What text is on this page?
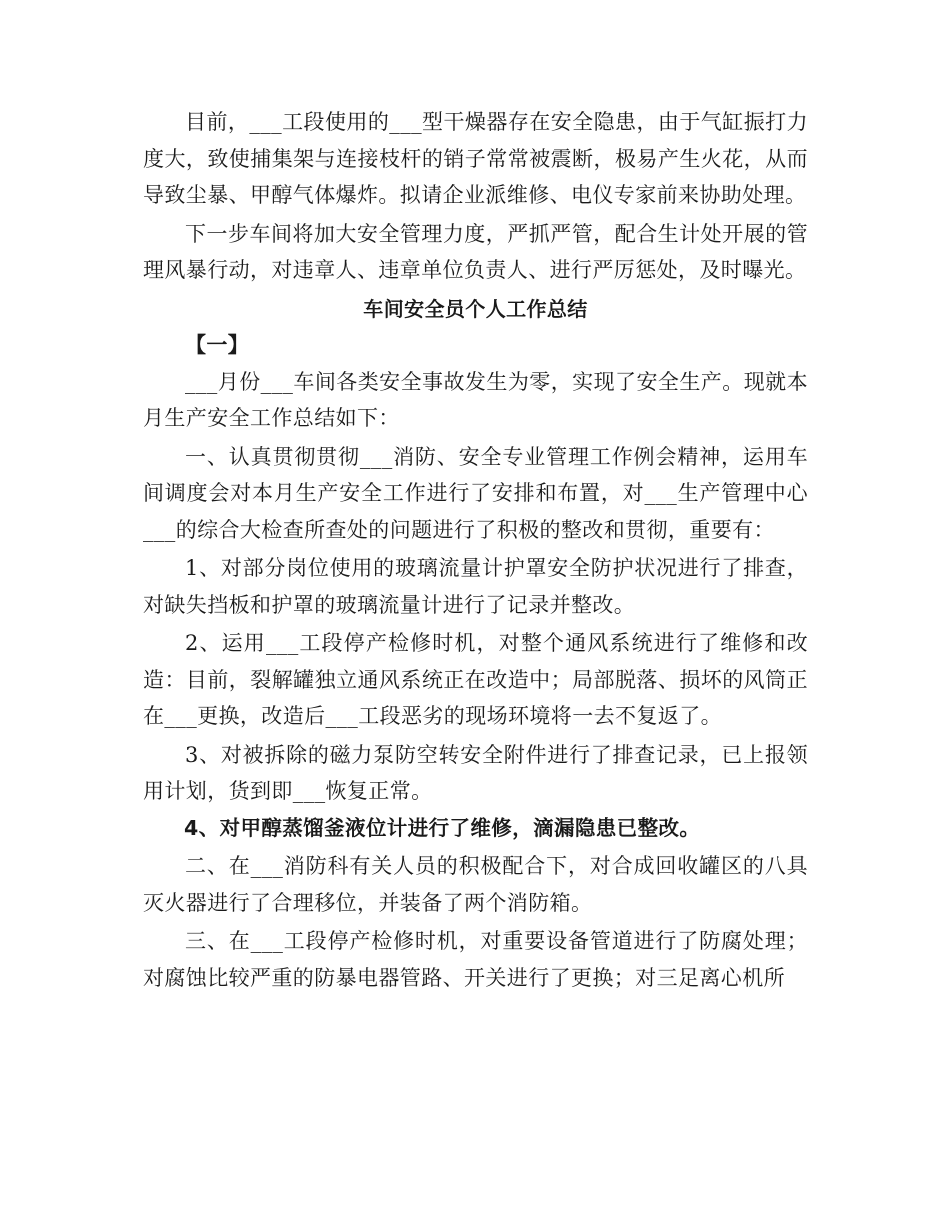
目前，___工段使用的___型干燥器存在安全隐患，由于气缸振打力度大，致使捕集架与连接枝杆的销子常常被震断，极易产生火花，从而导致尘暴、甲醇气体爆炸。拟请企业派维修、电仪专家前来协助处理。

下一步车间将加大安全管理力度，严抓严管，配合生计处开展的管理风暴行动，对违章人、违章单位负责人、进行严厉惩处，及时曝光。

车间安全员个人工作总结

【一】

___月份___车间各类安全事故发生为零，实现了安全生产。现就本月生产安全工作总结如下：

一、认真贯彻贯彻___消防、安全专业管理工作例会精神，运用车间调度会对本月生产安全工作进行了安排和布置，对___生产管理中心___的综合大检查所查处的问题进行了积极的整改和贯彻，重要有：

1、对部分岗位使用的玻璃流量计护罩安全防护状况进行了排查，对缺失挡板和护罩的玻璃流量计进行了记录并整改。

2、运用___工段停产检修时机，对整个通风系统进行了维修和改造：目前，裂解罐独立通风系统正在改造中；局部脱落、损坏的风筒正在___更换，改造后___工段恶劣的现场环境将一去不复返了。

3、对被拆除的磁力泵防空转安全附件进行了排查记录，已上报领用计划，货到即___恢复正常。

4、对甲醇蒸馏釜液位计进行了维修，滴漏隐患已整改。

二、在___消防科有关人员的积极配合下，对合成回收罐区的八具灭火器进行了合理移位，并装备了两个消防箱。

三、在___工段停产检修时机，对重要设备管道进行了防腐处理；对腐蚀比较严重的防暴电器管路、开关进行了更换；对三足离心机所
